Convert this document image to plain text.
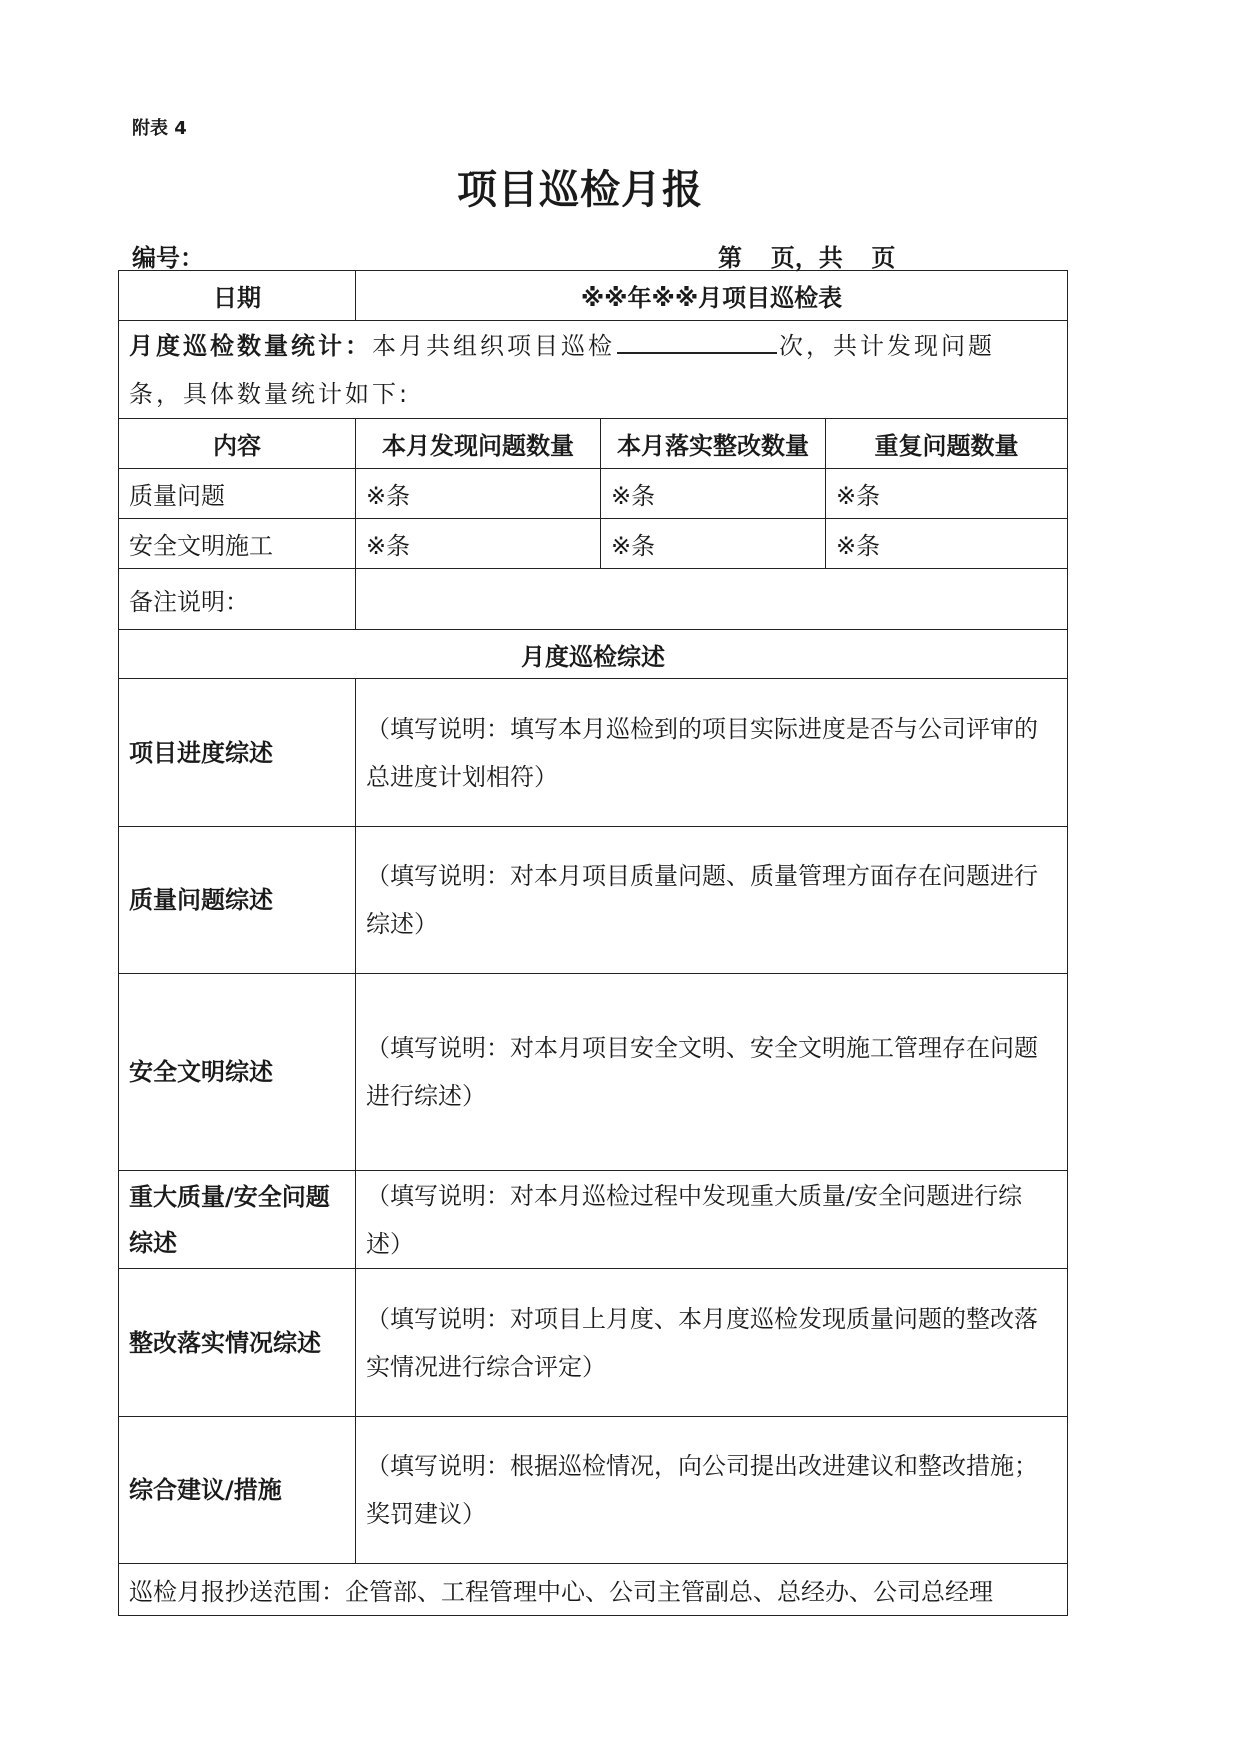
附表 4
项目巡检月报
编号：	第  页，共  页
日期	※※年※※月项目巡检表		
月度巡检数量统计：本月共组织项目巡检 次，共计发现问题
条，具体数量统计如下:			
内容	本月发现问题数量	本月落实整改数量	重复问题数量
质量问题	※条	※条	※条
安全文明施工	※条	※条	※条
备注说明：			
月度巡检综述			
项目进度综述	（填写说明：填写本月巡检到的项目实际进度是否与公司评审的总进度计划相符）		
质量问题综述	（填写说明：对本月项目质量问题、质量管理方面存在问题进行综述）		
安全文明综述	（填写说明：对本月项目安全文明、安全文明施工管理存在问题进行综述）		
重大质量/安全问题综述	（填写说明：对本月巡检过程中发现重大质量/安全问题进行综述）		
整改落实情况综述	（填写说明：对项目上月度、本月度巡检发现质量问题的整改落实情况进行综合评定）		
综合建议/措施	（填写说明：根据巡检情况，向公司提出改进建议和整改措施；奖罚建议）		
巡检月报抄送范围：企管部、工程管理中心、公司主管副总、总经办、公司总经理			
